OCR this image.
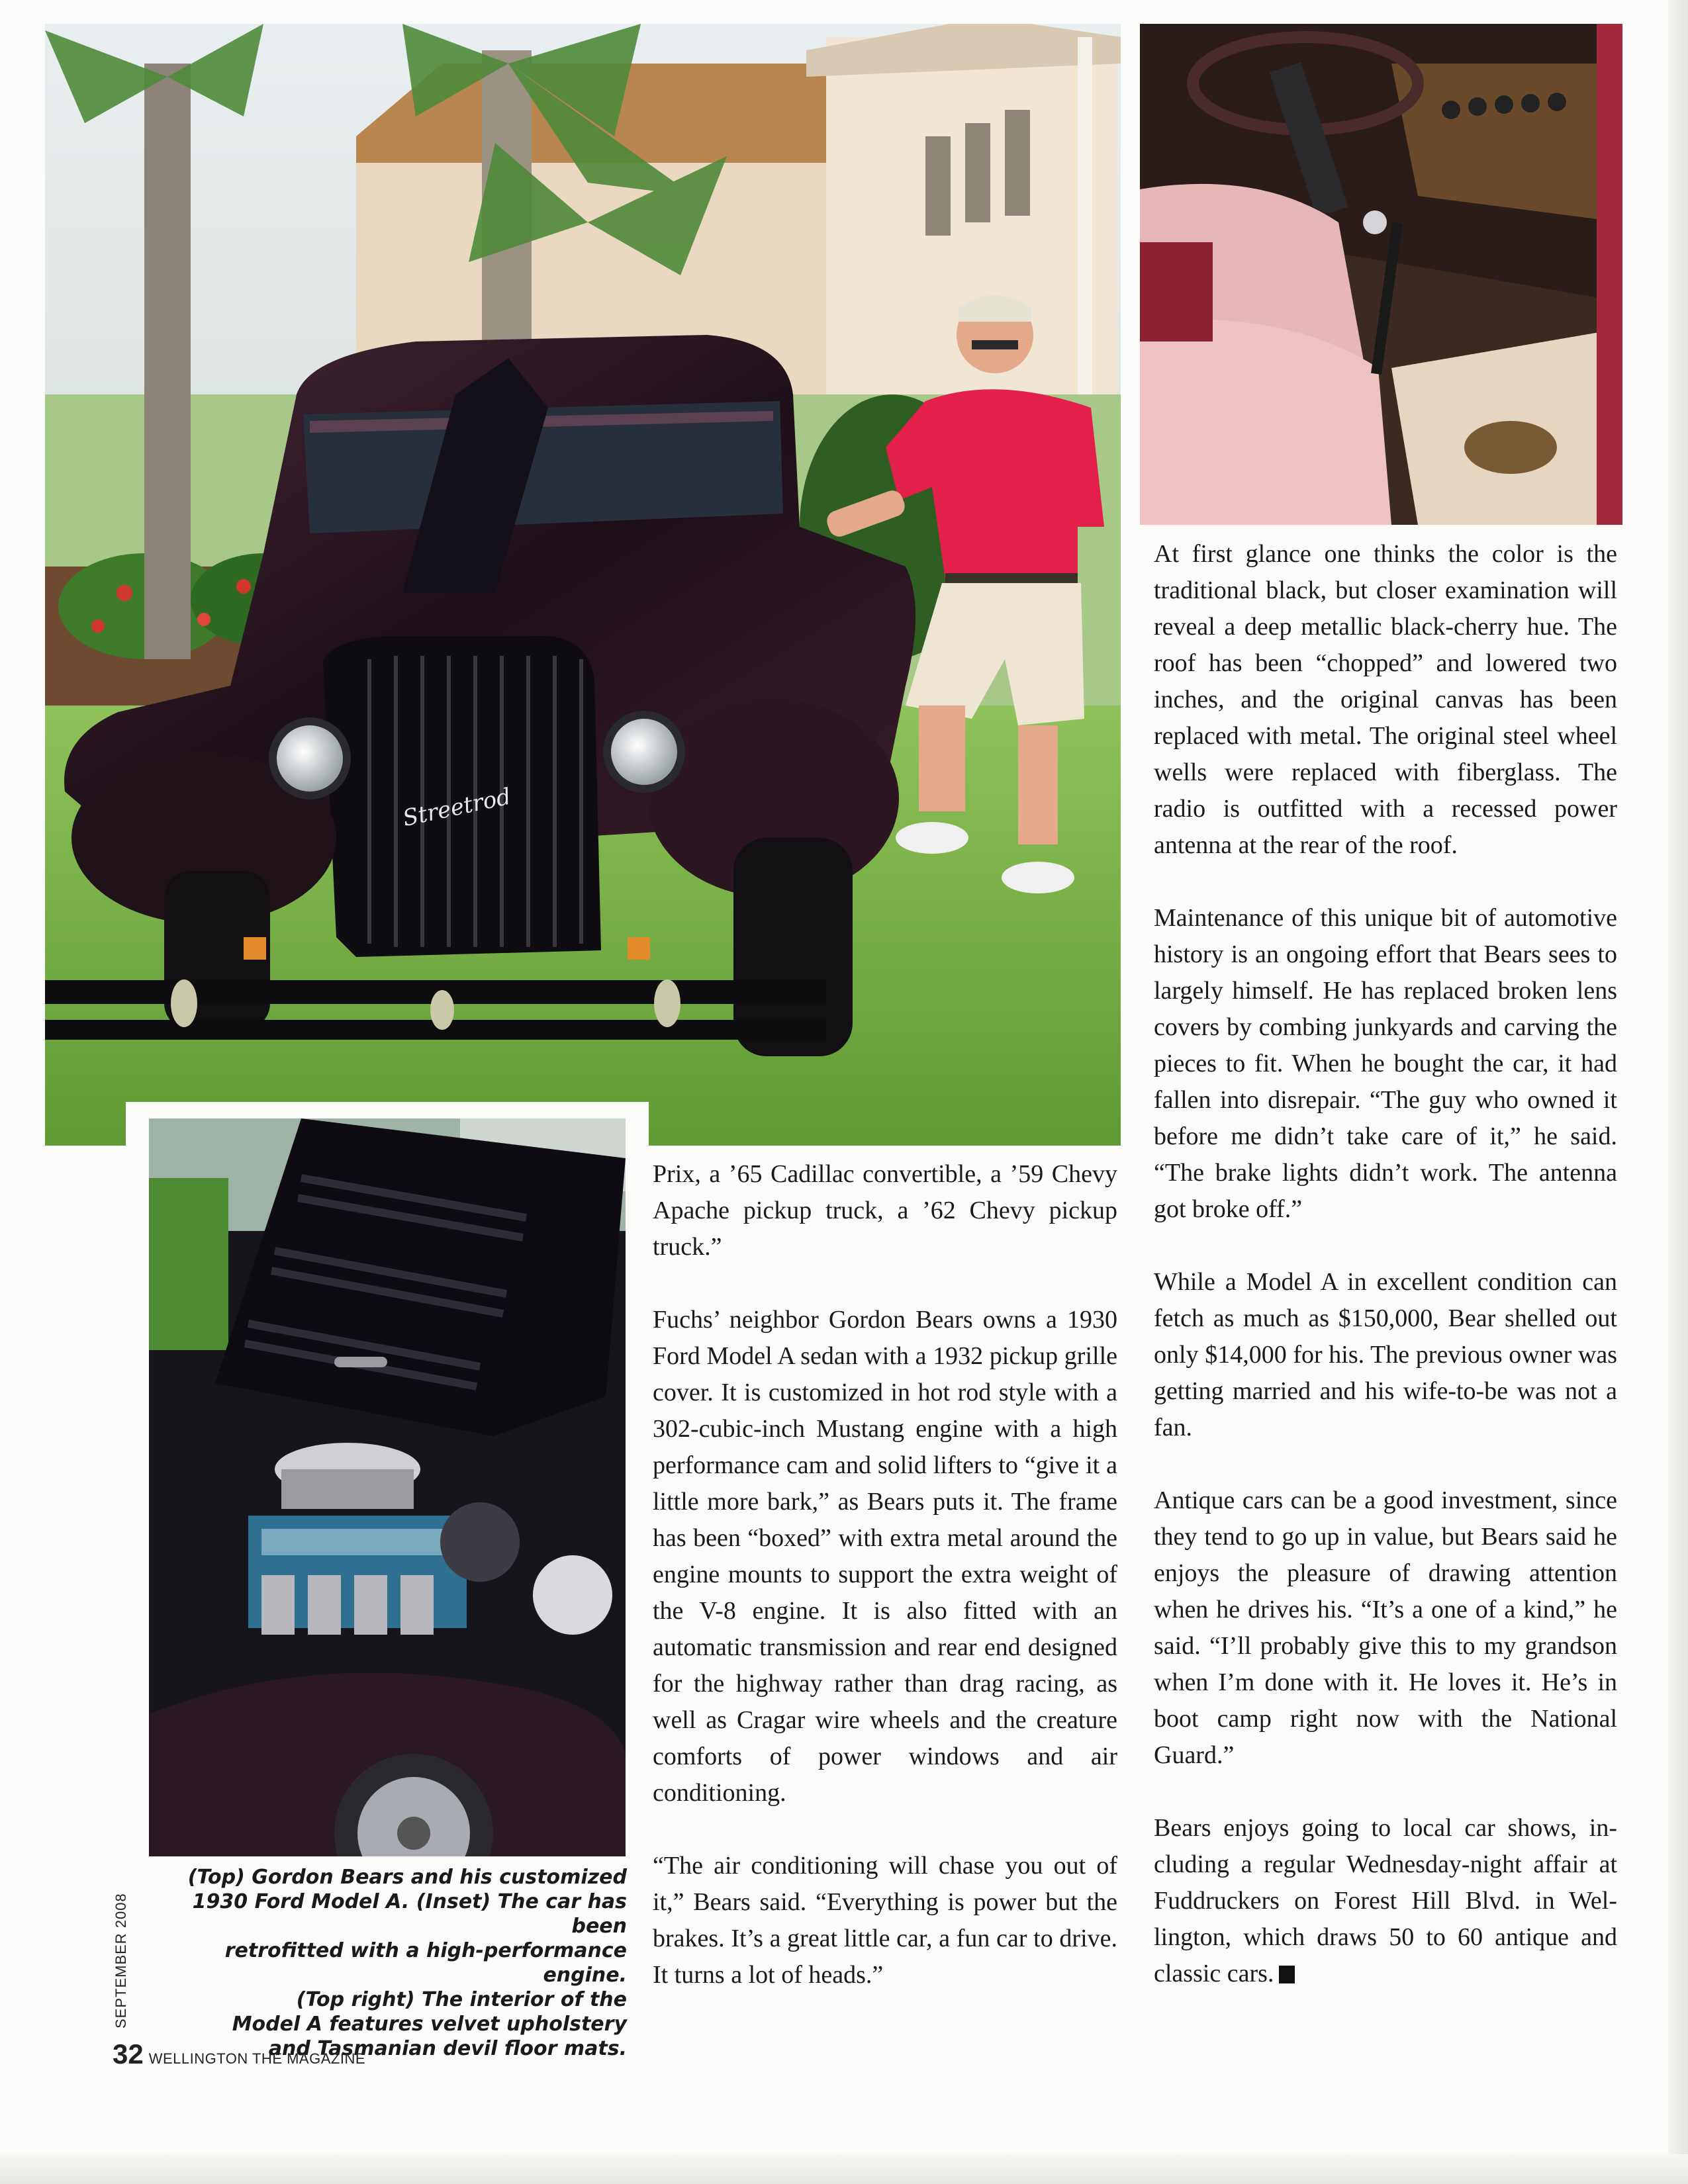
Streetrod

Prix, a ’65 Cadillac convertible, a ’59 Chevy Apache pickup truck, a ’62 Chevy pickup truck.”

Fuchs’ neighbor Gordon Bears owns a 1930 Ford Model A sedan with a 1932 pickup grille cover. It is customized in hot rod style with a 302-cubic-inch Mustang engine with a high performance cam and solid lifters to “give it a little more bark,” as Bears puts it. The frame has been “boxed” with extra metal around the engine mounts to support the extra weight of the V-8 engine. It is also fitted with an automatic transmission and rear end designed for the highway rather than drag racing, as well as Cragar wire wheels and the creature comforts of power windows and air conditioning.

“The air conditioning will chase you out of it,” Bears said. “Everything is power but the brakes. It’s a great little car, a fun car to drive. It turns a lot of heads.”

At first glance one thinks the color is the traditional black, but closer examination will reveal a deep metallic black-cherry hue. The roof has been “chopped” and lowered two inches, and the original canvas has been replaced with metal. The original steel wheel wells were replaced with fiberglass. The radio is outfitted with a recessed power antenna at the rear of the roof.

Maintenance of this unique bit of automotive history is an ongoing effort that Bears sees to largely himself. He has replaced broken lens covers by combing junkyards and carving the pieces to fit. When he bought the car, it had fallen into disrepair. “The guy who owned it before me didn’t take care of it,” he said. “The brake lights didn’t work. The antenna got broke off.”

While a Model A in excellent condition can fetch as much as $150,000, Bear shelled out only $14,000 for his. The previous owner was getting married and his wife-to-be was not a fan.

Antique cars can be a good investment, since they tend to go up in value, but Bears said he enjoys the pleasure of drawing attention when he drives his. “It’s a one of a kind,” he said. “I’ll probably give this to my grandson when I’m done with it. He loves it. He’s in boot camp right now with the National Guard.”

Bears enjoys going to local car shows, including a regular Wednesday-night affair at Fuddruckers on Forest Hill Blvd. in Wellington, which draws 50 to 60 antique and classic cars.

(Top) Gordon Bears and his customized
1930 Ford Model A. (Inset) The car has been
retrofitted with a high-performance engine.
(Top right) The interior of the
Model A features velvet upholstery
and Tasmanian devil floor mats.
SEPTEMBER 2008
32 WELLINGTON THE MAGAZINE
